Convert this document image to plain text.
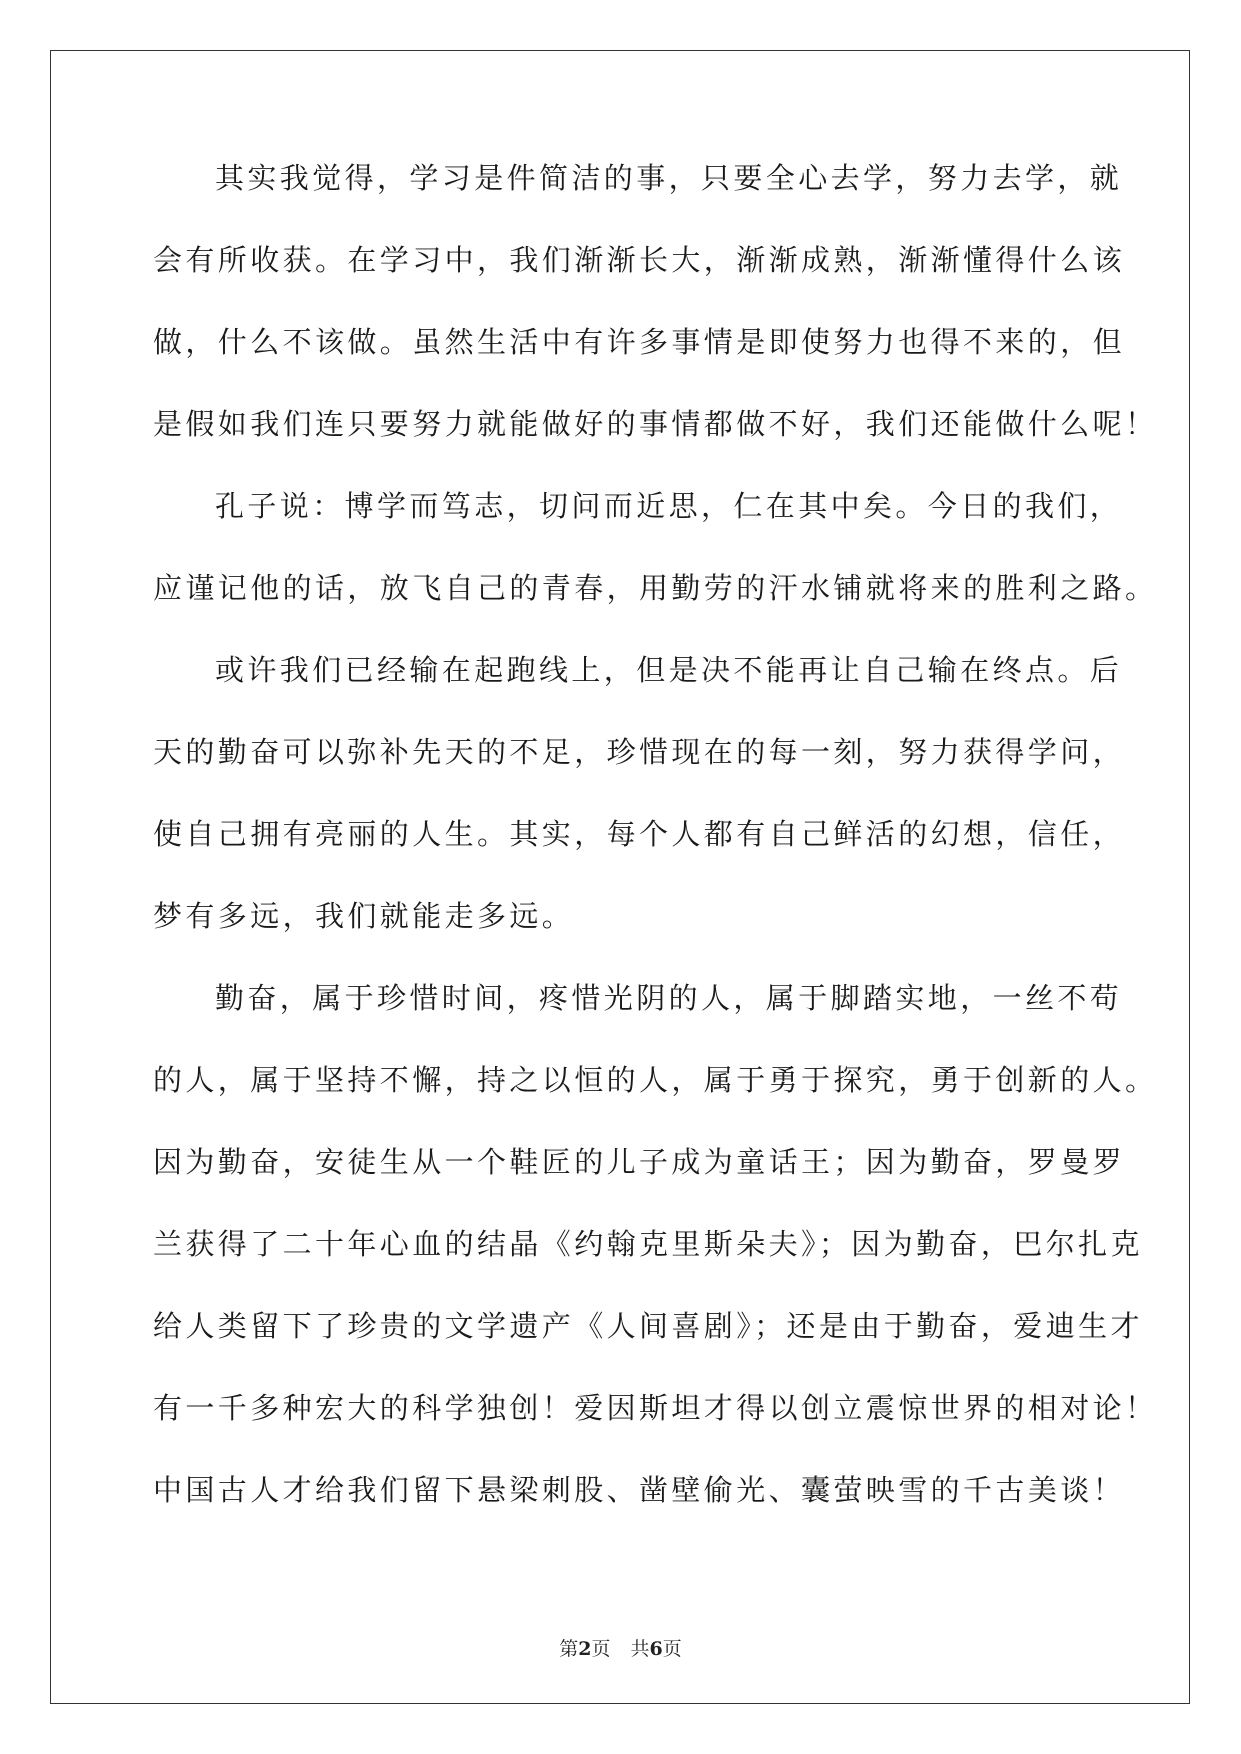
其实我觉得，学习是件简洁的事，只要全心去学，努力去学，就
会有所收获。在学习中，我们渐渐长大，渐渐成熟，渐渐懂得什么该
做，什么不该做。虽然生活中有许多事情是即使努力也得不来的，但
是假如我们连只要努力就能做好的事情都做不好，我们还能做什么呢！
孔子说：博学而笃志，切问而近思，仁在其中矣。今日的我们，
应谨记他的话，放飞自己的青春，用勤劳的汗水铺就将来的胜利之路。
或许我们已经输在起跑线上，但是决不能再让自己输在终点。后
天的勤奋可以弥补先天的不足，珍惜现在的每一刻，努力获得学问，
使自己拥有亮丽的人生。其实，每个人都有自己鲜活的幻想，信任，
梦有多远，我们就能走多远。
勤奋，属于珍惜时间，疼惜光阴的人，属于脚踏实地，一丝不苟
的人，属于坚持不懈，持之以恒的人，属于勇于探究，勇于创新的人。
因为勤奋，安徒生从一个鞋匠的儿子成为童话王；因为勤奋，罗曼罗
兰获得了二十年心血的结晶《约翰克里斯朵夫》；因为勤奋，巴尔扎克
给人类留下了珍贵的文学遗产《人间喜剧》；还是由于勤奋，爱迪生才
有一千多种宏大的科学独创！爱因斯坦才得以创立震惊世界的相对论！
中国古人才给我们留下悬梁刺股、凿壁偷光、囊萤映雪的千古美谈！
第2页 共6页
